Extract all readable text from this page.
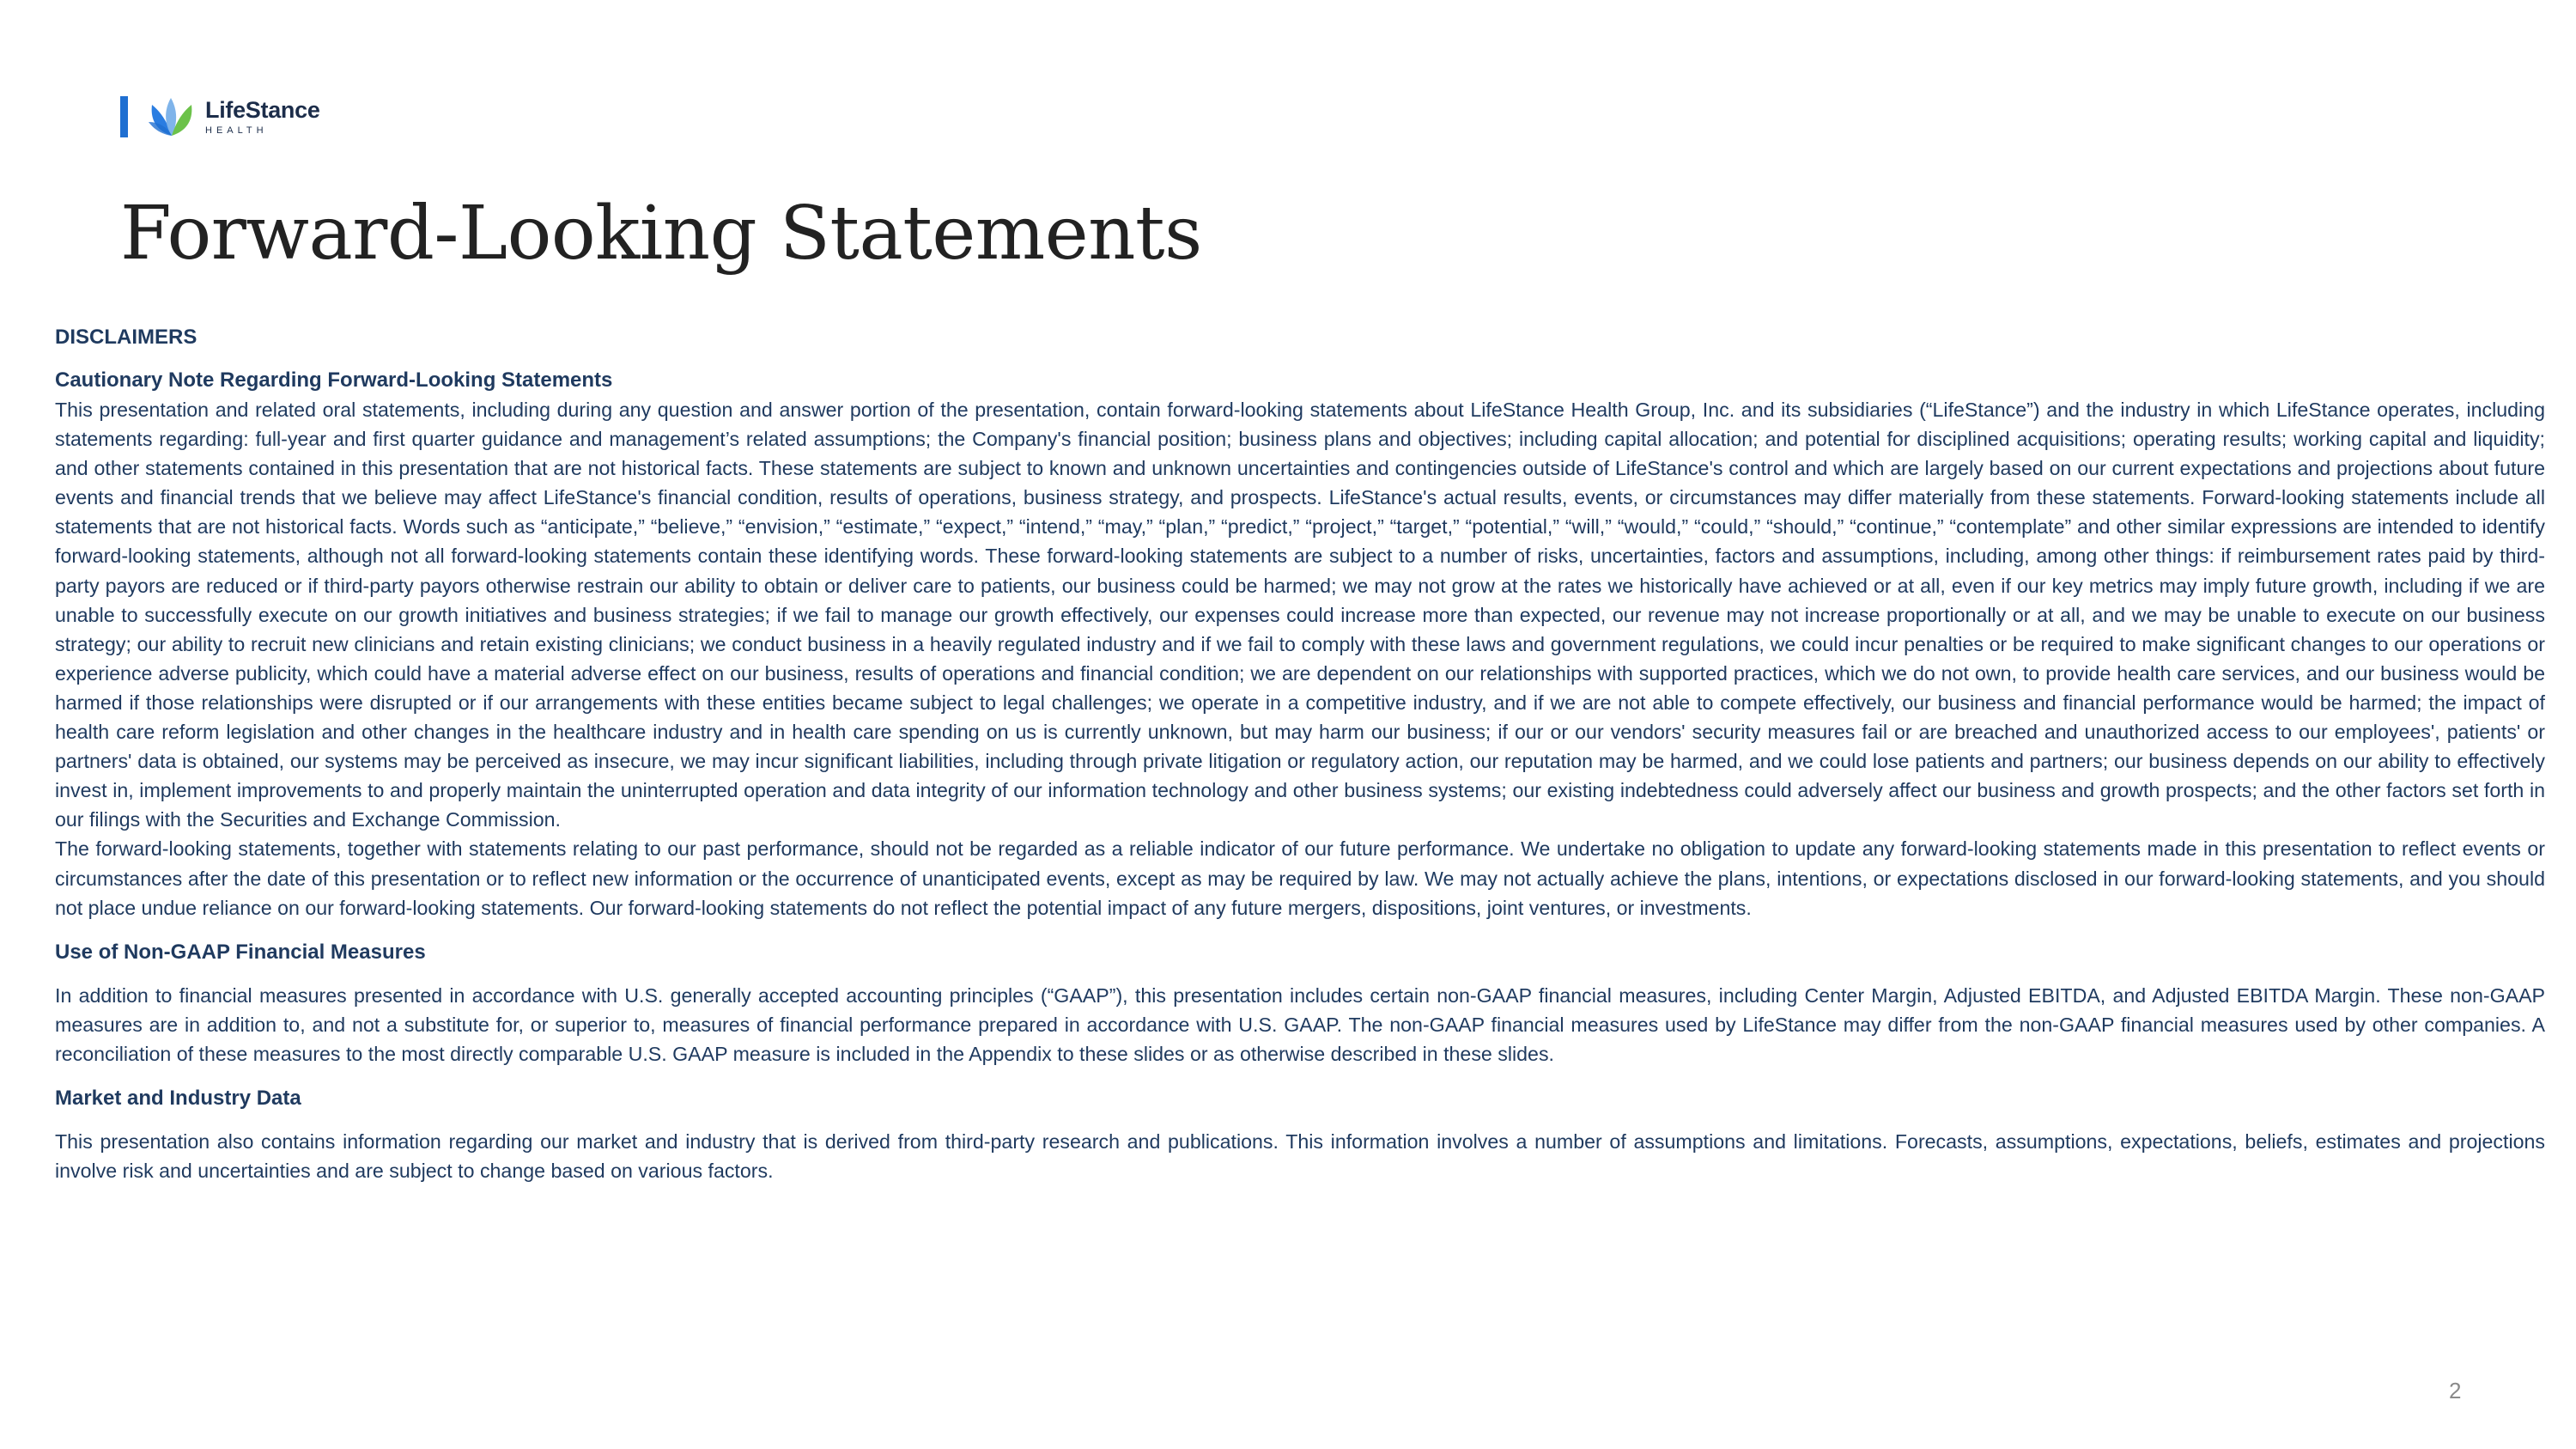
LifeStance
HEALTH
Forward-Looking Statements

DISCLAIMERS

Cautionary Note Regarding Forward-Looking Statements

This presentation and related oral statements, including during any question and answer portion of the presentation, contain forward-looking statements about LifeStance Health Group, Inc. and its subsidiaries (“LifeStance”) and the industry in which LifeStance operates, including statements regarding: full-year and first quarter guidance and management’s related assumptions; the Company's financial position; business plans and objectives; including capital allocation; and potential for disciplined acquisitions; operating results; working capital and liquidity; and other statements contained in this presentation that are not historical facts. These statements are subject to known and unknown uncertainties and contingencies outside of LifeStance's control and which are largely based on our current expectations and projections about future events and financial trends that we believe may affect LifeStance's financial condition, results of operations, business strategy, and prospects. LifeStance's actual results, events, or circumstances may differ materially from these statements. Forward-looking statements include all statements that are not historical facts. Words such as “anticipate,” “believe,” “envision,” “estimate,” “expect,” “intend,” “may,” “plan,” “predict,” “project,” “target,” “potential,” “will,” “would,” “could,” “should,” “continue,” “contemplate” and other similar expressions are intended to identify forward-looking statements, although not all forward-looking statements contain these identifying words. These forward-looking statements are subject to a number of risks, uncertainties, factors and assumptions, including, among other things: if reimbursement rates paid by third-party payors are reduced or if third-party payors otherwise restrain our ability to obtain or deliver care to patients, our business could be harmed; we may not grow at the rates we historically have achieved or at all, even if our key metrics may imply future growth, including if we are unable to successfully execute on our growth initiatives and business strategies; if we fail to manage our growth effectively, our expenses could increase more than expected, our revenue may not increase proportionally or at all, and we may be unable to execute on our business strategy; our ability to recruit new clinicians and retain existing clinicians; we conduct business in a heavily regulated industry and if we fail to comply with these laws and government regulations, we could incur penalties or be required to make significant changes to our operations or experience adverse publicity, which could have a material adverse effect on our business, results of operations and financial condition; we are dependent on our relationships with supported practices, which we do not own, to provide health care services, and our business would be harmed if those relationships were disrupted or if our arrangements with these entities became subject to legal challenges; we operate in a competitive industry, and if we are not able to compete effectively, our business and financial performance would be harmed; the impact of health care reform legislation and other changes in the healthcare industry and in health care spending on us is currently unknown, but may harm our business; if our or our vendors' security measures fail or are breached and unauthorized access to our employees', patients' or partners' data is obtained, our systems may be perceived as insecure, we may incur significant liabilities, including through private litigation or regulatory action, our reputation may be harmed, and we could lose patients and partners; our business depends on our ability to effectively invest in, implement improvements to and properly maintain the uninterrupted operation and data integrity of our information technology and other business systems; our existing indebtedness could adversely affect our business and growth prospects; and the other factors set forth in our filings with the Securities and Exchange Commission.

The forward-looking statements, together with statements relating to our past performance, should not be regarded as a reliable indicator of our future performance. We undertake no obligation to update any forward-looking statements made in this presentation to reflect events or circumstances after the date of this presentation or to reflect new information or the occurrence of unanticipated events, except as may be required by law. We may not actually achieve the plans, intentions, or expectations disclosed in our forward-looking statements, and you should not place undue reliance on our forward-looking statements. Our forward-looking statements do not reflect the potential impact of any future mergers, dispositions, joint ventures, or investments.

Use of Non-GAAP Financial Measures

In addition to financial measures presented in accordance with U.S. generally accepted accounting principles (“GAAP”), this presentation includes certain non-GAAP financial measures, including Center Margin, Adjusted EBITDA, and Adjusted EBITDA Margin. These non-GAAP measures are in addition to, and not a substitute for, or superior to, measures of financial performance prepared in accordance with U.S. GAAP. The non-GAAP financial measures used by LifeStance may differ from the non-GAAP financial measures used by other companies. A reconciliation of these measures to the most directly comparable U.S. GAAP measure is included in the Appendix to these slides or as otherwise described in these slides.

Market and Industry Data

This presentation also contains information regarding our market and industry that is derived from third-party research and publications. This information involves a number of assumptions and limitations. Forecasts, assumptions, expectations, beliefs, estimates and projections involve risk and uncertainties and are subject to change based on various factors.

2
